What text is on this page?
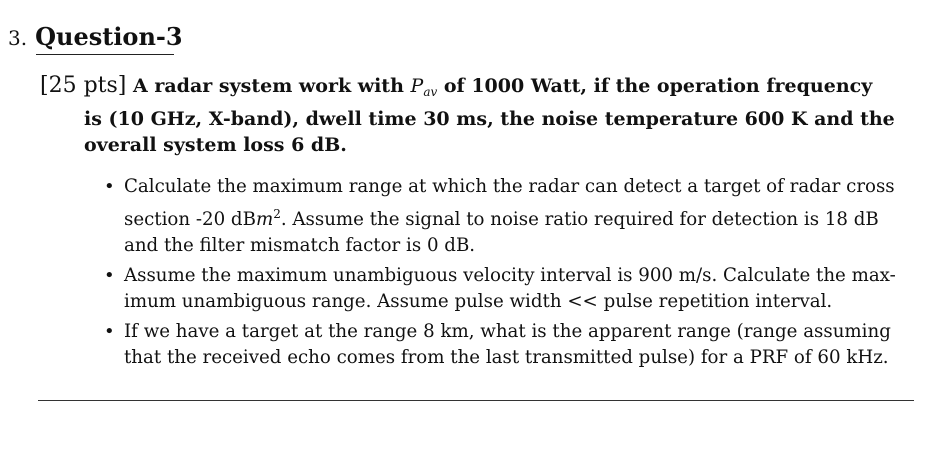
3. Question-3
[25 pts] A radar system work with $P_{av}$ of 1000 Watt, if the operation frequency
is (10 GHz, X-band), dwell time 30 ms, the noise temperature 600 K and the
overall system loss 6 dB.
• Calculate the maximum range at which the radar can detect a target of radar cross
section -20 dBm$^2$. Assume the signal to noise ratio required for detection is 18 dB
and the filter mismatch factor is 0 dB.
• Assume the maximum unambiguous velocity interval is 900 m/s. Calculate the max-
imum unambiguous range. Assume pulse width << pulse repetition interval.
• If we have a target at the range 8 km, what is the apparent range (range assuming
that the received echo comes from the last transmitted pulse) for a PRF of 60 kHz.
